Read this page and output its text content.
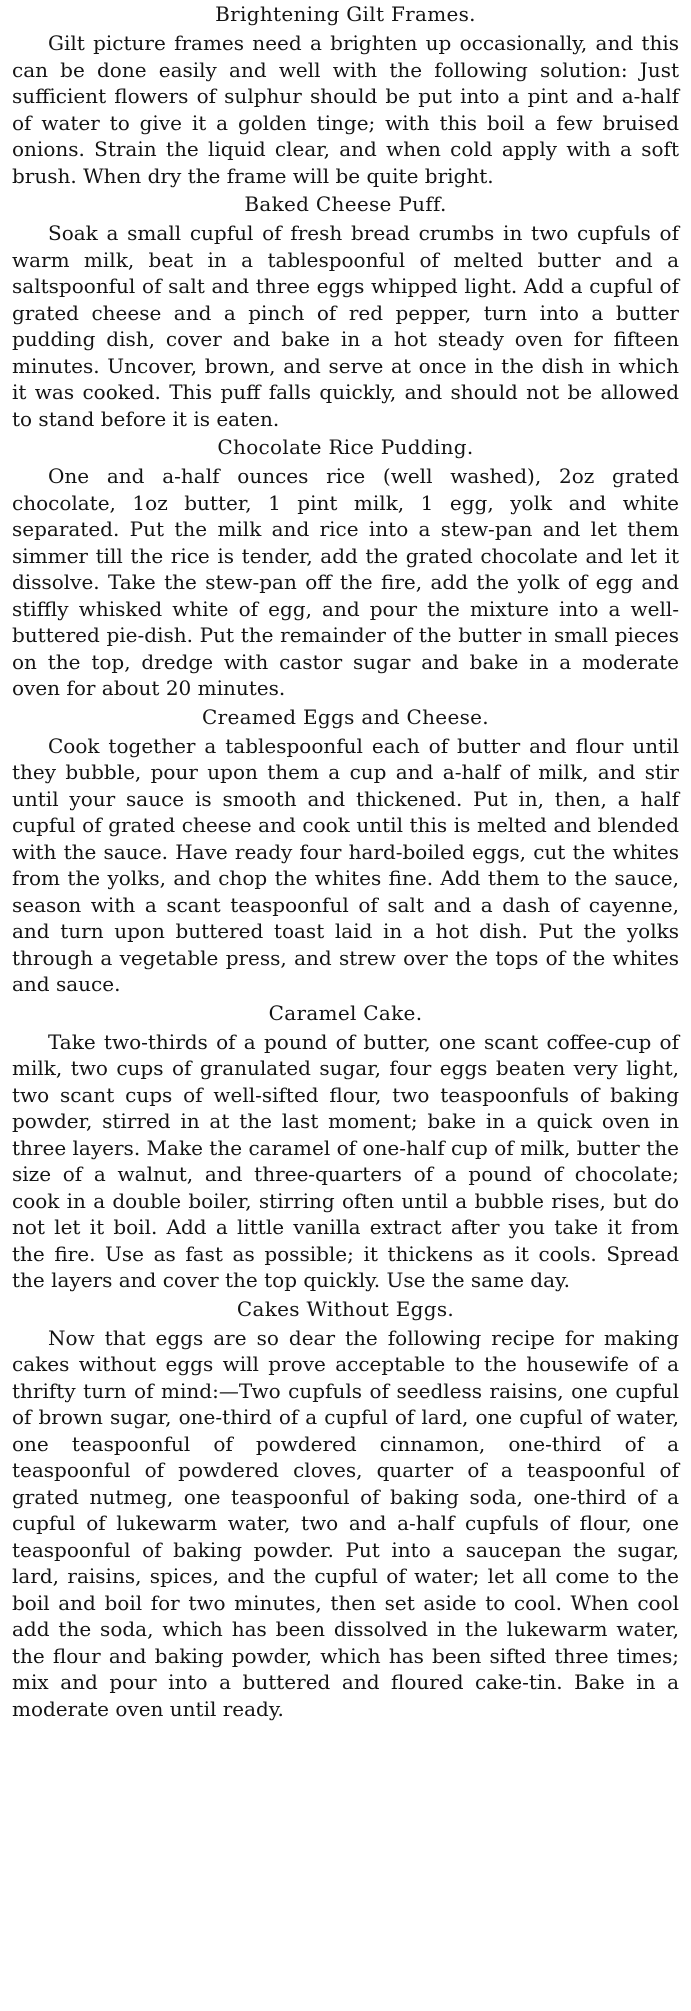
Brightening Gilt Frames.

Gilt picture frames need a brighten up occasionally, and this can be done easily and well with the following solution: Just sufficient flowers of sulphur should be put into a pint and a-half of water to give it a golden tinge; with this boil a few bruised onions. Strain the liquid clear, and when cold apply with a soft brush. When dry the frame will be quite bright.

Baked Cheese Puff.

Soak a small cupful of fresh bread crumbs in two cupfuls of warm milk, beat in a tablespoonful of melted butter and a saltspoonful of salt and three eggs whipped light. Add a cupful of grated cheese and a pinch of red pepper, turn into a butter pudding dish, cover and bake in a hot steady oven for fifteen minutes. Uncover, brown, and serve at once in the dish in which it was cooked. This puff falls quickly, and should not be allowed to stand before it is eaten.

Chocolate Rice Pudding.

One and a-half ounces rice (well washed), 2oz grated chocolate, 1oz butter, 1 pint milk, 1 egg, yolk and white separated. Put the milk and rice into a stew-pan and let them simmer till the rice is tender, add the grated chocolate and let it dissolve. Take the stew-pan off the fire, add the yolk of egg and stiffly whisked white of egg, and pour the mixture into a well-buttered pie-dish. Put the remainder of the butter in small pieces on the top, dredge with castor sugar and bake in a moderate oven for about 20 minutes.

Creamed Eggs and Cheese.

Cook together a tablespoonful each of butter and flour until they bubble, pour upon them a cup and a-half of milk, and stir until your sauce is smooth and thickened. Put in, then, a half cupful of grated cheese and cook until this is melted and blended with the sauce. Have ready four hard-boiled eggs, cut the whites from the yolks, and chop the whites fine. Add them to the sauce, season with a scant teaspoonful of salt and a dash of cayenne, and turn upon buttered toast laid in a hot dish. Put the yolks through a vegetable press, and strew over the tops of the whites and sauce.

Caramel Cake.

Take two-thirds of a pound of butter, one scant coffee-cup of milk, two cups of granulated sugar, four eggs beaten very light, two scant cups of well-sifted flour, two teaspoonfuls of baking powder, stirred in at the last moment; bake in a quick oven in three layers. Make the caramel of one-half cup of milk, butter the size of a walnut, and three-quarters of a pound of chocolate; cook in a double boiler, stirring often until a bubble rises, but do not let it boil. Add a little vanilla extract after you take it from the fire. Use as fast as possible; it thickens as it cools. Spread the layers and cover the top quickly. Use the same day.

Cakes Without Eggs.

Now that eggs are so dear the following recipe for making cakes without eggs will prove acceptable to the housewife of a thrifty turn of mind:—Two cupfuls of seedless raisins, one cupful of brown sugar, one-third of a cupful of lard, one cupful of water, one teaspoonful of powdered cinnamon, one-third of a teaspoonful of powdered cloves, quarter of a teaspoonful of grated nutmeg, one teaspoonful of baking soda, one-third of a cupful of lukewarm water, two and a-half cupfuls of flour, one teaspoonful of baking powder. Put into a saucepan the sugar, lard, raisins, spices, and the cupful of water; let all come to the boil and boil for two minutes, then set aside to cool. When cool add the soda, which has been dissolved in the lukewarm water, the flour and baking powder, which has been sifted three times; mix and pour into a buttered and floured cake-tin. Bake in a moderate oven until ready.
